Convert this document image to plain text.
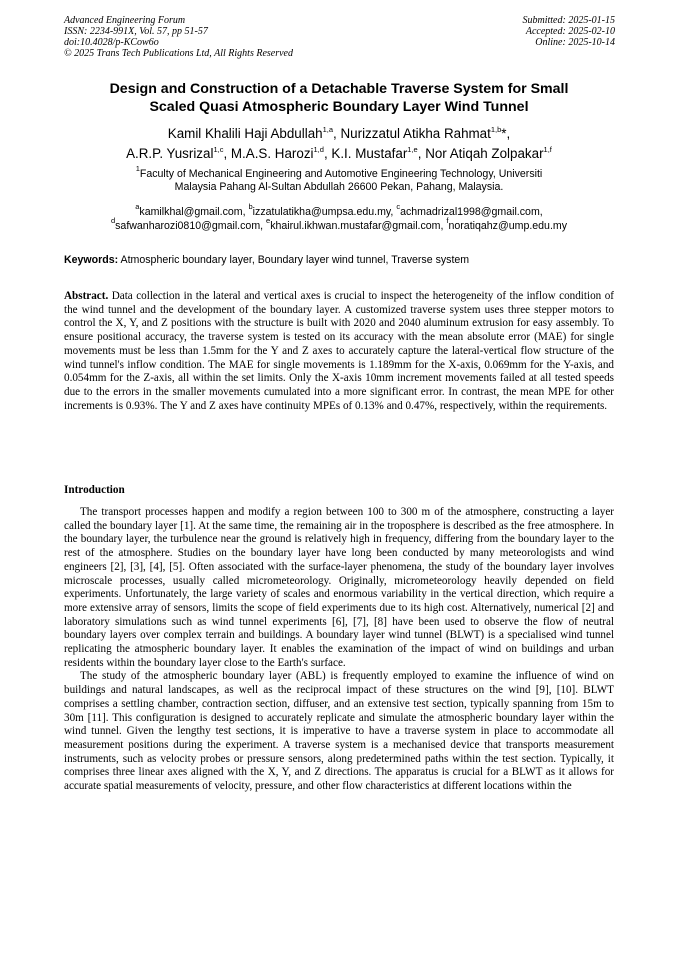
Advanced Engineering Forum
ISSN: 2234-991X, Vol. 57, pp 51-57
doi:10.4028/p-KCow6o
© 2025 Trans Tech Publications Ltd, All Rights Reserved
Submitted: 2025-01-15
Accepted: 2025-02-10
Online: 2025-10-14
Design and Construction of a Detachable Traverse System for Small
Scaled Quasi Atmospheric Boundary Layer Wind Tunnel
Kamil Khalili Haji Abdullah$^{1,a}$, Nurizzatul Atikha Rahmat$^{1,b}$*,
A.R.P. Yusrizal$^{1,c}$, M.A.S. Harozi$^{1,d}$, K.I. Mustafar$^{1,e}$, Nor Atiqah Zolpakar$^{1,f}$
$^1$Faculty of Mechanical Engineering and Automotive Engineering Technology, Universiti
Malaysia Pahang Al-Sultan Abdullah 26600 Pekan, Pahang, Malaysia.
$^a$kamilkhal@gmail.com, $^b$izzatulatikha@umpsa.edu.my, $^c$achmadrizal1998@gmail.com,
$^d$safwanharozi0810@gmail.com, $^e$khairul.ikhwan.mustafar@gmail.com, $^f$noratiqahz@ump.edu.my
Keywords: Atmospheric boundary layer, Boundary layer wind tunnel, Traverse system
Abstract. Data collection in the lateral and vertical axes is crucial to inspect the heterogeneity of the inflow condition of the wind tunnel and the development of the boundary layer. A customized traverse system uses three stepper motors to control the X, Y, and Z positions with the structure is built with 2020 and 2040 aluminum extrusion for easy assembly. To ensure positional accuracy, the traverse system is tested on its accuracy with the mean absolute error (MAE) for single movements must be less than 1.5mm for the Y and Z axes to accurately capture the lateral-vertical flow structure of the wind tunnel's inflow condition. The MAE for single movements is 1.189mm for the X-axis, 0.069mm for the Y-axis, and 0.054mm for the Z-axis, all within the set limits. Only the X-axis 10mm increment movements failed at all tested speeds due to the errors in the smaller movements cumulated into a more significant error. In contrast, the mean MPE for other increments is 0.93%. The Y and Z axes have continuity MPEs of 0.13% and 0.47%, respectively, within the requirements.
Introduction

The transport processes happen and modify a region between 100 to 300 m of the atmosphere, constructing a layer called the boundary layer [1]. At the same time, the remaining air in the troposphere is described as the free atmosphere. In the boundary layer, the turbulence near the ground is relatively high in frequency, differing from the boundary layer to the rest of the atmosphere. Studies on the boundary layer have long been conducted by many meteorologists and wind engineers [2], [3], [4], [5]. Often associated with the surface-layer phenomena, the study of the boundary layer involves microscale processes, usually called micrometeorology. Originally, micrometeorology heavily depended on field experiments. Unfortunately, the large variety of scales and enormous variability in the vertical direction, which require a more extensive array of sensors, limits the scope of field experiments due to its high cost. Alternatively, numerical [2] and laboratory simulations such as wind tunnel experiments [6], [7], [8] have been used to observe the flow of neutral boundary layers over complex terrain and buildings. A boundary layer wind tunnel (BLWT) is a specialised wind tunnel replicating the atmospheric boundary layer. It enables the examination of the impact of wind on buildings and urban residents within the boundary layer close to the Earth's surface.

The study of the atmospheric boundary layer (ABL) is frequently employed to examine the influence of wind on buildings and natural landscapes, as well as the reciprocal impact of these structures on the wind [9], [10]. BLWT comprises a settling chamber, contraction section, diffuser, and an extensive test section, typically spanning from 15m to 30m [11]. This configuration is designed to accurately replicate and simulate the atmospheric boundary layer within the wind tunnel. Given the lengthy test sections, it is imperative to have a traverse system in place to accommodate all measurement positions during the experiment. A traverse system is a mechanised device that transports measurement instruments, such as velocity probes or pressure sensors, along predetermined paths within the test section. Typically, it comprises three linear axes aligned with the X, Y, and Z directions. The apparatus is crucial for a BLWT as it allows for accurate spatial measurements of velocity, pressure, and other flow characteristics at different locations within the
